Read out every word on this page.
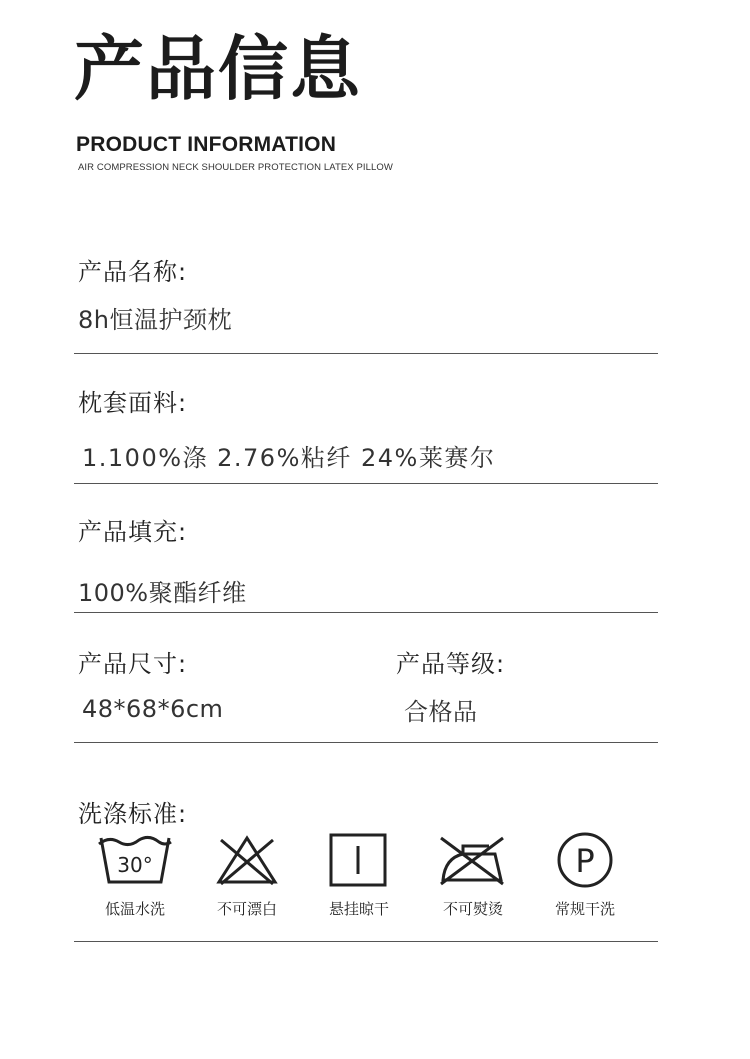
产品信息
PRODUCT INFORMATION
AIR COMPRESSION NECK SHOULDER PROTECTION LATEX PILLOW
产品名称:
8h恒温护颈枕
枕套面料:
1.100%涤 2.76%粘纤 24%莱赛尔
产品填充:
100%聚酯纤维
产品尺寸:
48*68*6cm
产品等级:
合格品
洗涤标准:
30°
低温水洗	不可漂白	悬挂晾干	不可熨烫
P
常规干洗
